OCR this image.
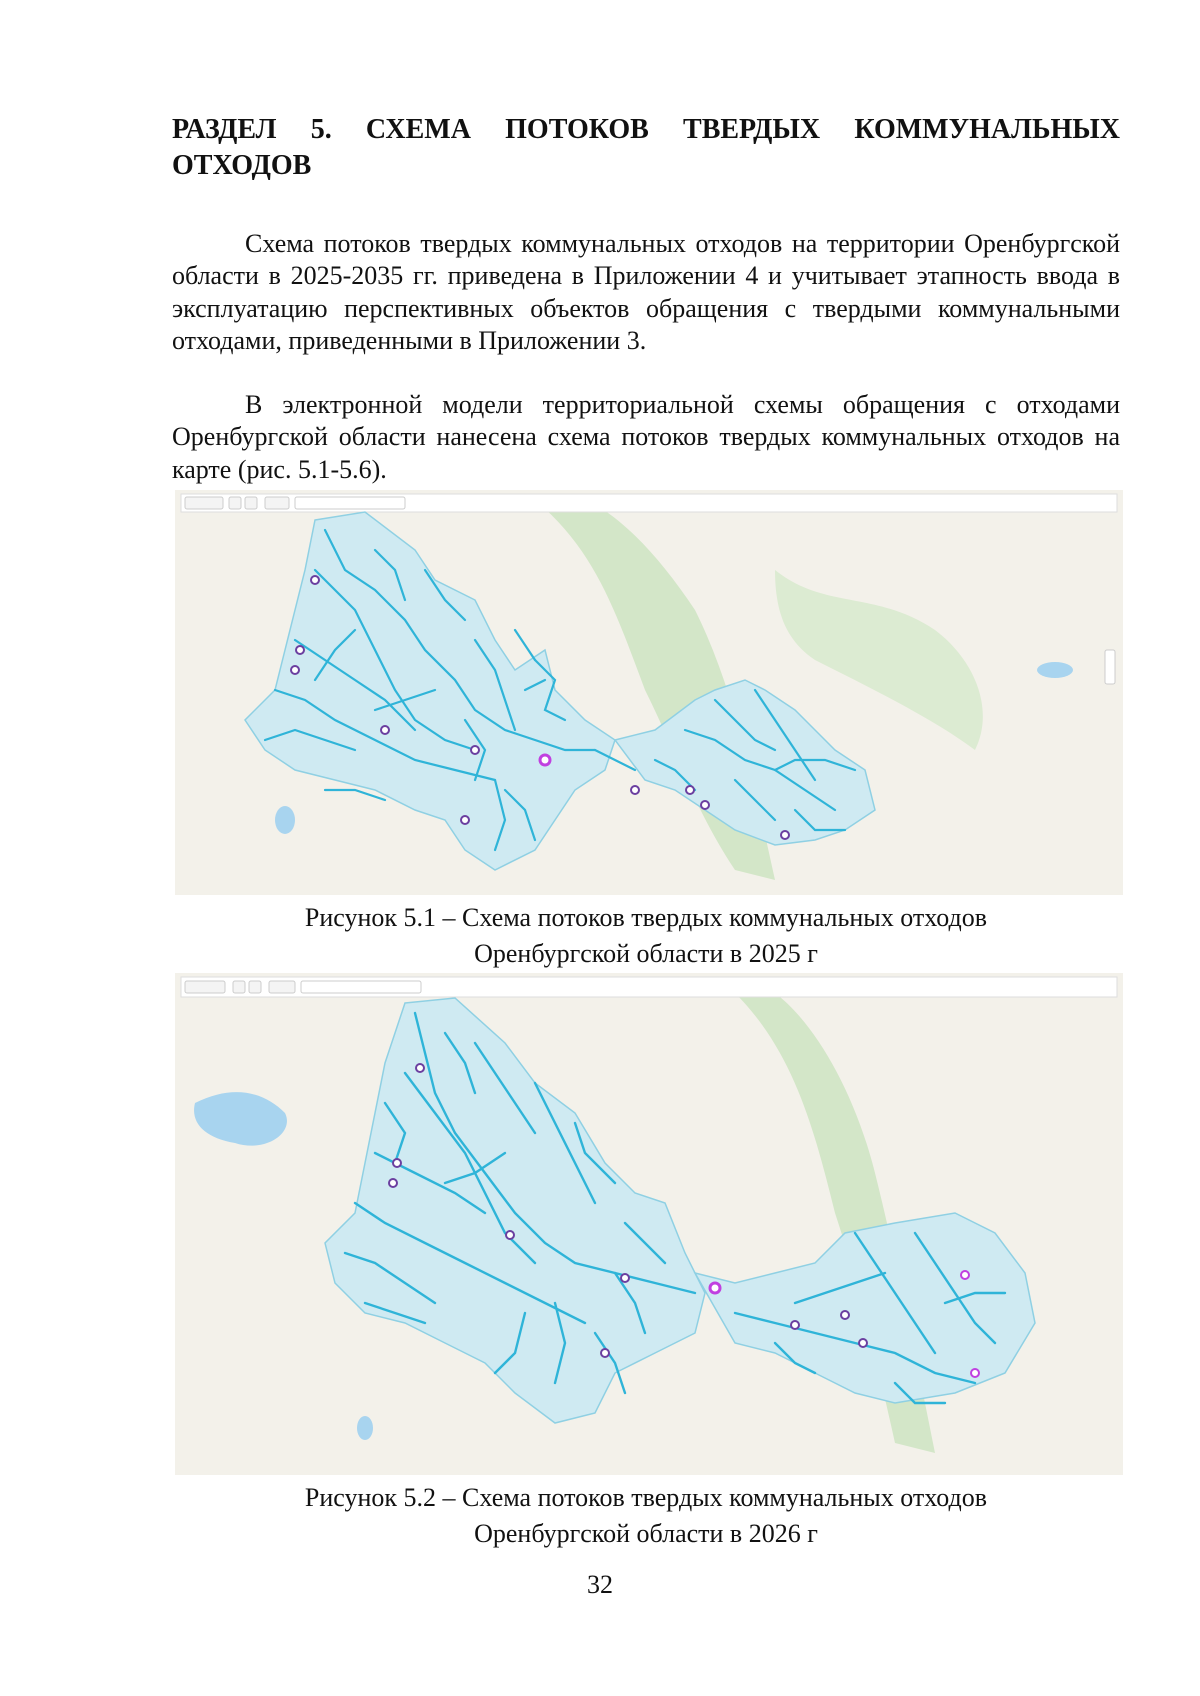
РАЗДЕЛ 5. СХЕМА ПОТОКОВ ТВЕРДЫХ КОММУНАЛЬНЫХ
ОТХОДОВ

Схема потоков твердых коммунальных отходов на территории Оренбургской области в 2025-2035 гг. приведена в Приложении 4 и учитывает этапность ввода в эксплуатацию перспективных объектов обращения с твердыми коммунальными отходами, приведенными в Приложении 3.

В электронной модели территориальной схемы обращения с отходами Оренбургской области нанесена схема потоков твердых коммунальных отходов на карте (рис. 5.1-5.6).

Рисунок 5.1 – Схема потоков твердых коммунальных отходов
Оренбургской области в 2025 г

Рисунок 5.2 – Схема потоков твердых коммунальных отходов
Оренбургской области в 2026 г

32
